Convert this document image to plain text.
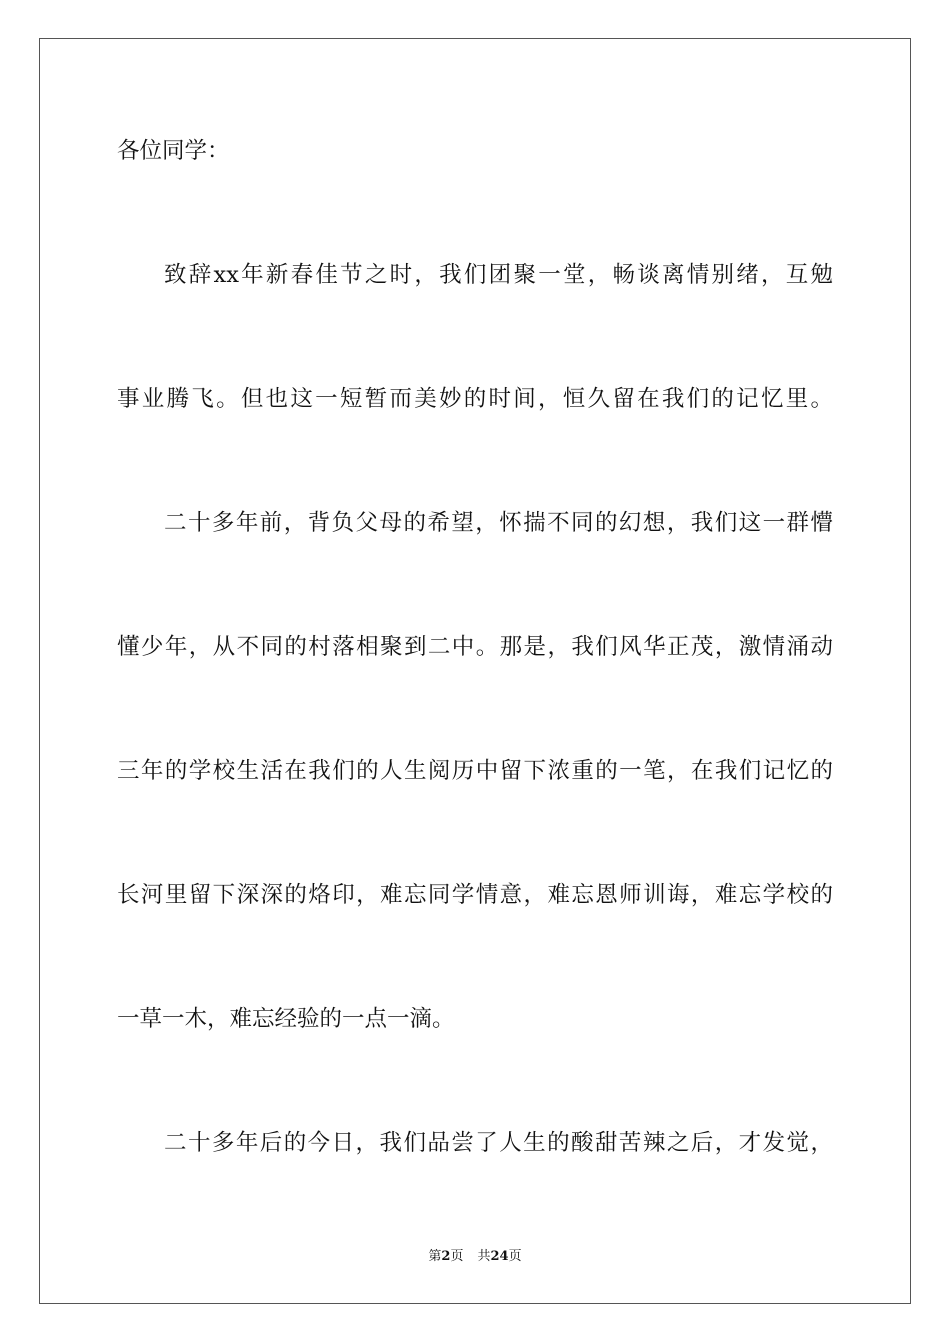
各位同学：
致辞xx年新春佳节之时，我们团聚一堂，畅谈离情别绪，互勉
事业腾飞。但也这一短暂而美妙的时间，恒久留在我们的记忆里。
二十多年前，背负父母的希望，怀揣不同的幻想，我们这一群懵
懂少年，从不同的村落相聚到二中。那是，我们风华正茂，激情涌动
三年的学校生活在我们的人生阅历中留下浓重的一笔，在我们记忆的
长河里留下深深的烙印，难忘同学情意，难忘恩师训诲，难忘学校的
一草一木，难忘经验的一点一滴。
二十多年后的今日，我们品尝了人生的酸甜苦辣之后，才发觉，
第2页 共24页
